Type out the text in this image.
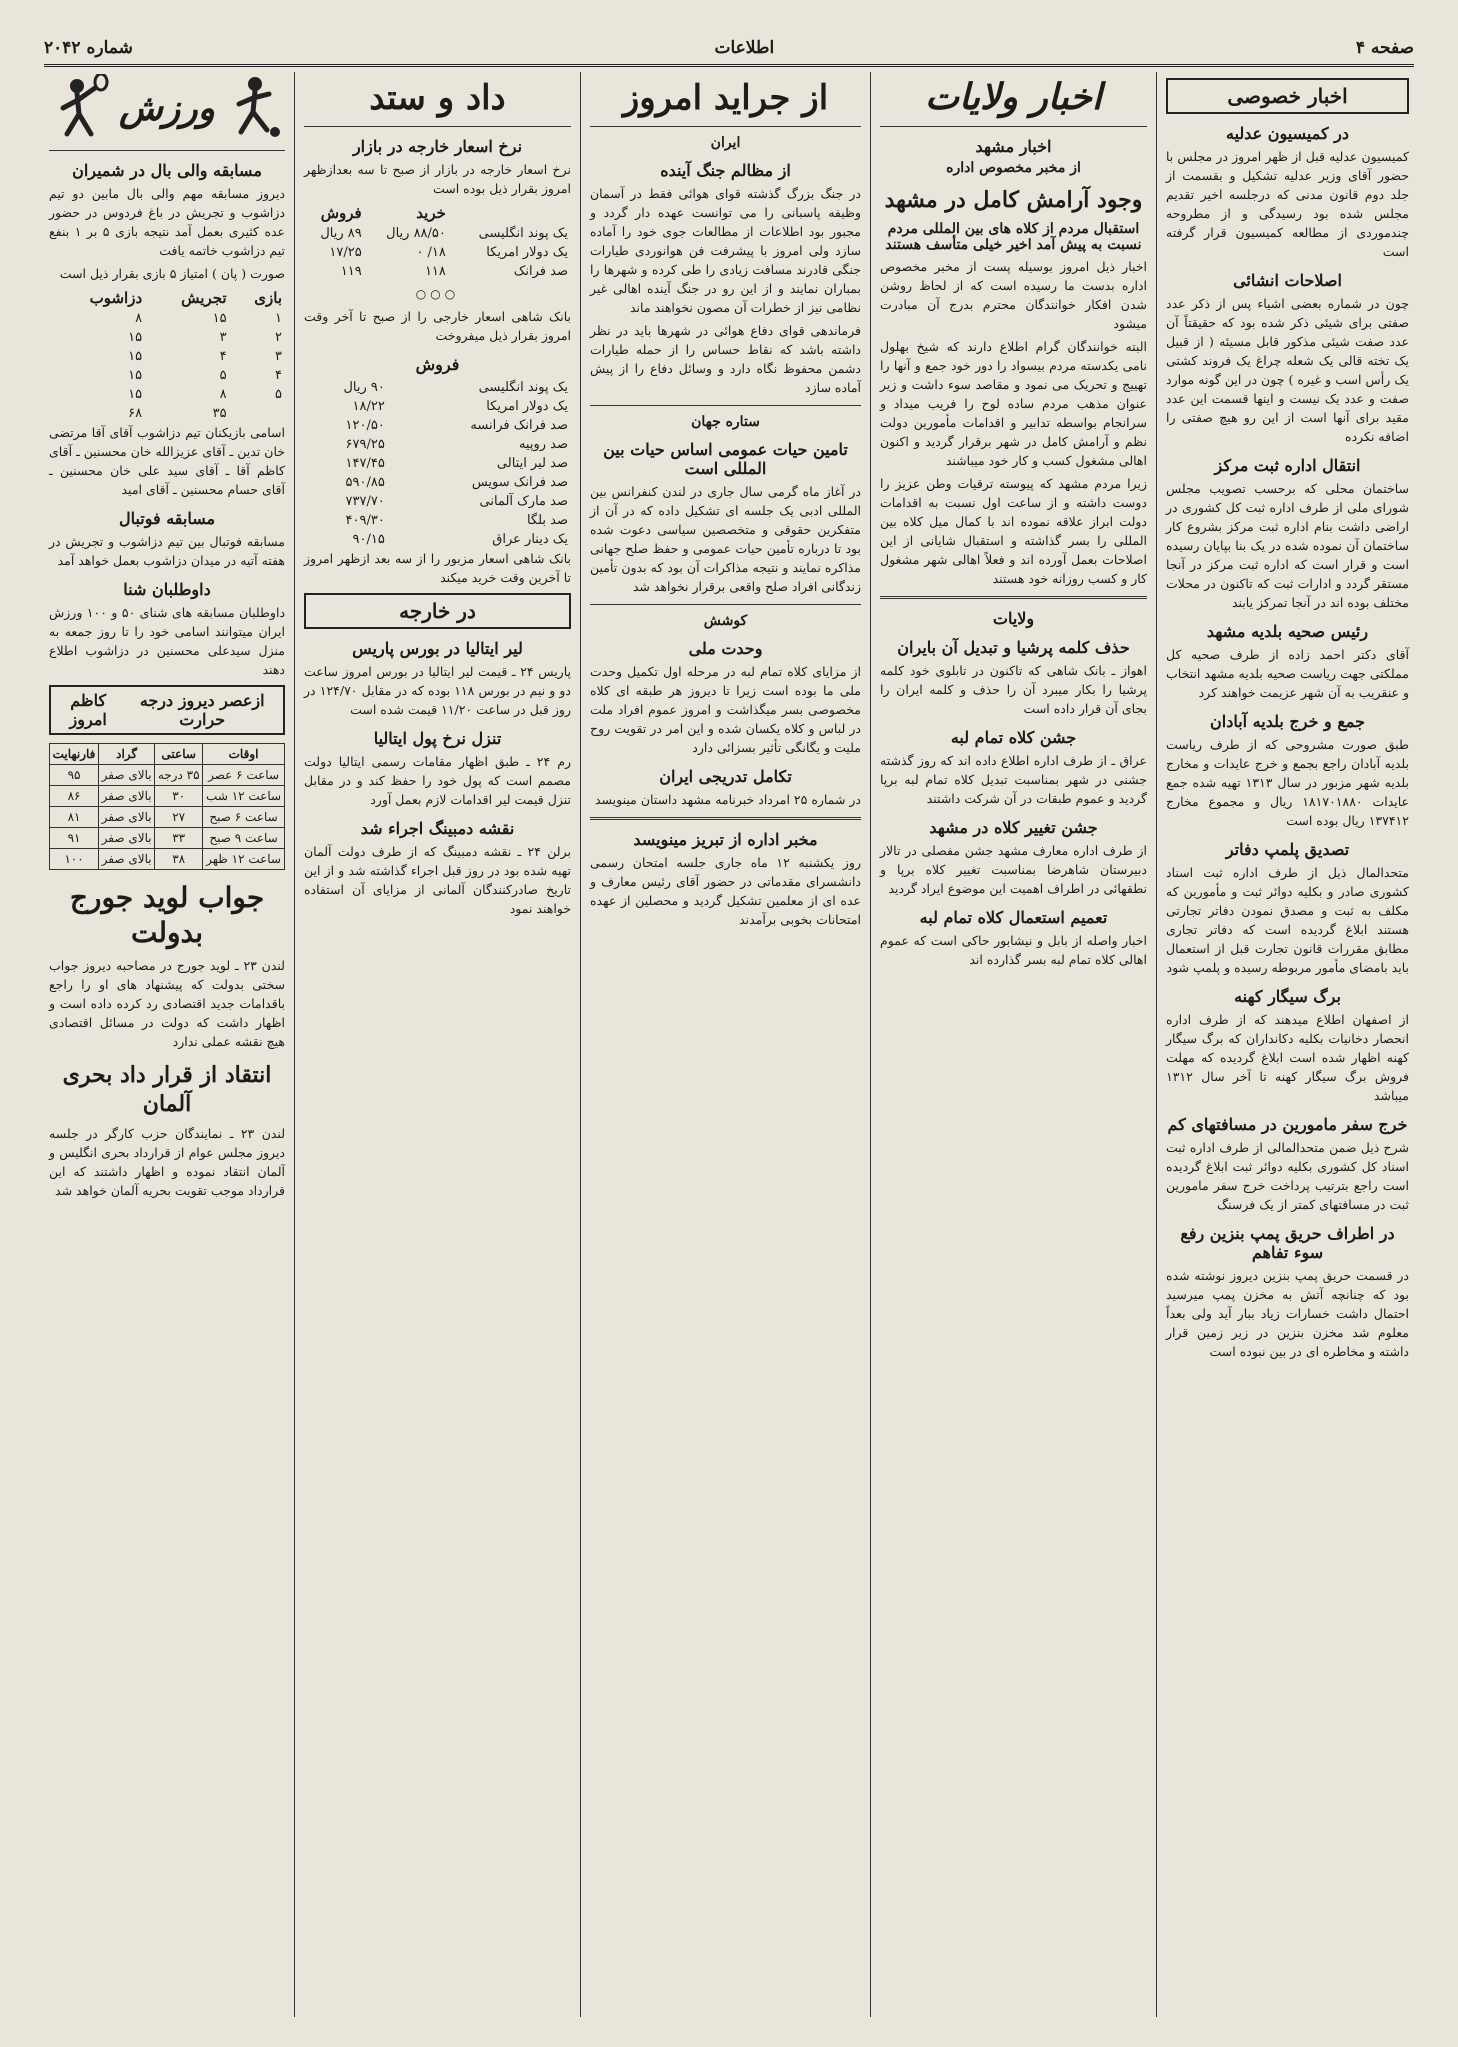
صفحه ۴
اطلاعات
شماره ۲۰۴۲
اخبار خصوصی
در کمیسیون عدلیه

کمیسیون عدلیه قبل از ظهر امروز در مجلس با حضور آقای وزیر عدلیه تشکیل و بقسمت از جلد دوم قانون مدنی که درجلسه اخیر تقدیم مجلس شده بود رسیدگی و از مطروحه چندموردی از مطالعه کمیسیون قرار گرفته است

اصلاحات انشائی

چون در شماره بعضی اشیاء پس از ذکر عدد صفتی برای شیئی ذکر شده بود که حقیقتاً آن عدد صفت شیئی مذکور قابل مسیئه ( از قبیل یک تخته قالی یک شعله چراغ یک فروند کشتی یک رأس اسب و غیره ) چون در این گونه موارد صفت و عدد یک نیست و اینها قسمت این عدد مقید برای آنها است از این رو هیچ صفتی را اضافه نکرده

انتقال اداره ثبت مرکز

ساختمان محلی که برحسب تصویب مجلس شورای ملی از طرف اداره ثبت کل کشوری در اراضی داشت بنام اداره ثبت مرکز بشروع کار ساختمان آن نموده شده در یک بنا بپایان رسیده است و قرار است که اداره ثبت مرکز در آنجا مستقر گردد و ادارات ثبت که تاکنون در محلات مختلف بوده اند در آنجا تمرکز یابند

رئیس صحیه بلدیه مشهد

آقای دکتر احمد زاده از طرف صحیه کل مملکتی جهت ریاست صحیه بلدیه مشهد انتخاب و عنقریب به آن شهر عزیمت خواهند کرد

جمع و خرج بلدیه آبادان

طبق صورت مشروحی که از طرف ریاست بلدیه آبادان راجع بجمع و خرج عایدات و مخارج بلدیه شهر مزبور در سال ۱۳۱۳ تهیه شده جمع عایدات ۱۸۱۷۰۱۸۸۰ ریال و مجموع مخارج ۱۳۷۴۱۲ ریال بوده است

تصدیق پلمپ دفاتر

متحدالمال ذیل از طرف اداره ثبت اسناد کشوری صادر و بکلیه دوائر ثبت و مأمورین که مکلف به ثبت و مصدق نمودن دفاتر تجارتی هستند ابلاغ گردیده است که دفاتر تجاری مطابق مقررات قانون تجارت قبل از استعمال باید بامضای مأمور مربوطه رسیده و پلمپ شود

برگ سیگار کهنه

از اصفهان اطلاع میدهند که از طرف اداره انحصار دخانیات بکلیه دکانداران که برگ سیگار کهنه اظهار شده است ابلاغ گردیده که مهلت فروش برگ سیگار کهنه تا آخر سال ۱۳۱۲ میباشد

خرج سفر مامورین در مسافتهای کم

شرح ذیل ضمن متحدالمالی از طرف اداره ثبت اسناد کل کشوری بکلیه دوائر ثبت ابلاغ گردیده است راجع بترتیب پرداخت خرج سفر مامورین ثبت در مسافتهای کمتر از یک فرسنگ

در اطراف حریق پمپ بنزین رفع سوء تفاهم

در قسمت حریق پمپ بنزین دیروز نوشته شده بود که چنانچه آتش به مخزن پمپ میرسید احتمال داشت خسارات زیاد ببار آید ولی بعداً معلوم شد مخزن بنزین در زیر زمین قرار داشته و مخاطره ای در بین نبوده است

اخبار ولایات
اخبار مشهد
از مخبر مخصوص اداره
وجود آرامش کامل در مشهد
استقبال مردم از کلاه های بین المللی مردم نسبت به پیش آمد اخیر خیلی متأسف هستند

اخبار ذیل امروز بوسیله پست از مخبر مخصوص اداره بدست ما رسیده است که از لحاظ روشن شدن افکار خوانندگان محترم بدرج آن مبادرت میشود

البته خوانندگان گرام اطلاع دارند که شیخ بهلول نامی یکدسته مردم بیسواد را دور خود جمع و آنها را تهییج و تحریک می نمود و مقاصد سوء داشت و زیر عنوان مذهب مردم ساده لوح را فریب میداد و سرانجام بواسطه تدابیر و اقدامات مأمورین دولت نظم و آرامش کامل در شهر برقرار گردید و اکنون اهالی مشغول کسب و کار خود میباشند

زیرا مردم مشهد که پیوسته ترقیات وطن عزیز را دوست داشته و از ساعت اول نسبت به اقدامات دولت ابراز علاقه نموده اند با کمال میل کلاه بین المللی را بسر گذاشته و استقبال شایانی از این اصلاحات بعمل آورده اند و فعلاً اهالی شهر مشغول کار و کسب روزانه خود هستند

ولایات
حذف کلمه پرشیا و تبدیل آن بایران

اهواز ـ بانک شاهی که تاکنون در تابلوی خود کلمه پرشیا را بکار میبرد آن را حذف و کلمه ایران را بجای آن قرار داده است

جشن کلاه تمام لبه

عراق ـ از طرف اداره اطلاع داده اند که روز گذشته جشنی در شهر بمناسبت تبدیل کلاه تمام لبه برپا گردید و عموم طبقات در آن شرکت داشتند

جشن تغییر کلاه در مشهد

از طرف اداره معارف مشهد جشن مفصلی در تالار دبیرستان شاهرضا بمناسبت تغییر کلاه برپا و نطقهائی در اطراف اهمیت این موضوع ایراد گردید

تعمیم استعمال کلاه تمام لبه

اخبار واصله از بابل و نیشابور حاکی است که عموم اهالی کلاه تمام لبه بسر گذارده اند

از جراید امروز
ایران
از مظالم جنگ آینده

در جنگ بزرگ گذشته قوای هوائی فقط در آسمان وظیفه پاسبانی را می توانست عهده دار گردد و مجبور بود اطلاعات از مطالعات جوی خود را آماده سازد ولی امروز با پیشرفت فن هوانوردی طیارات جنگی قادرند مسافت زیادی را طی کرده و شهرها را بمباران نمایند و از این رو در جنگ آینده اهالی غیر نظامی نیز از خطرات آن مصون نخواهند ماند

فرماندهی قوای دفاع هوائی در شهرها باید در نظر داشته باشد که نقاط حساس را از حمله طیارات دشمن محفوظ نگاه دارد و وسائل دفاع را از پیش آماده سازد

ستاره جهان
تامین حیات عمومی اساس حیات بین المللی است

در آغاز ماه گرمی سال جاری در لندن کنفرانس بین المللی ادبی یک جلسه ای تشکیل داده که در آن از متفکرین حقوقی و متخصصین سیاسی دعوت شده بود تا درباره تأمین حیات عمومی و حفظ صلح جهانی مذاکره نمایند و نتیجه مذاکرات آن بود که بدون تأمین زندگانی افراد صلح واقعی برقرار نخواهد شد

کوشش
وحدت ملی

از مزایای کلاه تمام لبه در مرحله اول تکمیل وحدت ملی ما بوده است زیرا تا دیروز هر طبقه ای کلاه مخصوصی بسر میگذاشت و امروز عموم افراد ملت در لباس و کلاه یکسان شده و این امر در تقویت روح ملیت و یگانگی تأثیر بسزائی دارد

تکامل تدریجی ایران

در شماره ۲۵ امرداد خبرنامه مشهد داستان مینویسد

مخبر اداره از تبریز مینویسد

روز یکشنبه ۱۲ ماه جاری جلسه امتحان رسمی دانشسرای مقدماتی در حضور آقای رئیس معارف و عده ای از معلمین تشکیل گردید و محصلین از عهده امتحانات بخوبی برآمدند

داد و ستد
نرخ اسعار خارجه در بازار

نرخ اسعار خارجه در بازار از صبح تا سه بعدازظهر امروز بقرار ذیل بوده است

	خرید	فروش
یک پوند انگلیسی	۸۸/۵۰ ریال	۸۹ ریال
یک دولار امریکا	۱۸/ ۰	۱۷/۲۵
صد فرانک	۱۱۸	۱۱۹
○○○

بانک شاهی اسعار خارجی را از صبح تا آخر وقت امروز بقرار ذیل میفروخت

فروش
یک پوند انگلیسی	۹۰ ریال
یک دولار امریکا	۱۸/۲۲
صد فرانک فرانسه	۱۲۰/۵۰
صد روپیه	۶۷۹/۲۵
صد لیر ایتالی	۱۴۷/۴۵
صد فرانک سویس	۵۹۰/۸۵
صد مارک آلمانی	۷۳۷/۷۰
صد بلگا	۴۰۹/۳۰
یک دینار عراق	۹۰/۱۵

بانک شاهی اسعار مزبور را از سه بعد ازظهر امروز تا آخرین وقت خرید میکند

در خارجه
لیر ایتالیا در بورس پاریس

پاریس ۲۴ ـ قیمت لیر ایتالیا در بورس امروز ساعت دو و نیم در بورس ۱۱۸ بوده که در مقابل ۱۲۴/۷۰ در روز قبل در ساعت ۱۱/۲۰ قیمت شده است

تنزل نرخ پول ایتالیا

رم ۲۴ ـ طبق اظهار مقامات رسمی ایتالیا دولت مصمم است که پول خود را حفظ کند و در مقابل تنزل قیمت لیر اقدامات لازم بعمل آورد

نقشه دمبینگ اجراء شد

برلن ۲۴ ـ نقشه دمبینگ که از طرف دولت آلمان تهیه شده بود در روز قبل اجراء گذاشته شد و از این تاریخ صادرکنندگان آلمانی از مزایای آن استفاده خواهند نمود

ورزش
مسابقه والی بال در شمیران

دیروز مسابقه مهم والی بال مابین دو تیم دزاشوب و تجریش در باغ فردوس در حضور عده کثیری بعمل آمد نتیجه بازی ۵ بر ۱ بنفع تیم دزاشوب خاتمه یافت

صورت ( پان ) امتیاز ۵ بازی بقرار ذیل است

بازی	تجریش	دزاشوب
۱	۱۵	۸
۲	۳	۱۵
۳	۴	۱۵
۴	۵	۱۵
۵	۸	۱۵
	۳۵	۶۸

اسامی بازیکنان تیم دزاشوب آقای آقا مرتضی خان تدین ـ آقای عزیزالله خان محسنین ـ آقای کاظم آقا ـ آقای سید علی خان محسنین ـ آقای حسام محسنین ـ آقای امید

مسابقه فوتبال

مسابقه فوتبال بین تیم دزاشوب و تجریش در هفته آتیه در میدان دزاشوب بعمل خواهد آمد

داوطلبان شنا

داوطلبان مسابقه های شنای ۵۰ و ۱۰۰ ورزش ایران میتوانند اسامی خود را تا روز جمعه به منزل سیدعلی محسنین در دزاشوب اطلاع دهند

ازعصر دیروز درجه حرارت
کاظم امروز
اوقات	ساعتی	گراد	فارنهایت
ساعت ۶ عصر	۳۵ درجه	بالای صفر	۹۵
ساعت ۱۲ شب	۳۰	بالای صفر	۸۶
ساعت ۶ صبح	۲۷	بالای صفر	۸۱
ساعت ۹ صبح	۳۳	بالای صفر	۹۱
ساعت ۱۲ ظهر	۳۸	بالای صفر	۱۰۰
جواب لوید جورج بدولت

لندن ۲۳ ـ لوید جورج در مصاحبه دیروز جواب سختی بدولت که پیشنهاد های او را راجع باقدامات جدید اقتصادی رد کرده داده است و اظهار داشت که دولت در مسائل اقتصادی هیچ نقشه عملی ندارد

انتقاد از قرار داد بحری آلمان

لندن ۲۳ ـ نمایندگان حزب کارگر در جلسه دیروز مجلس عوام از قرارداد بحری انگلیس و آلمان انتقاد نموده و اظهار داشتند که این قرارداد موجب تقویت بحریه آلمان خواهد شد
